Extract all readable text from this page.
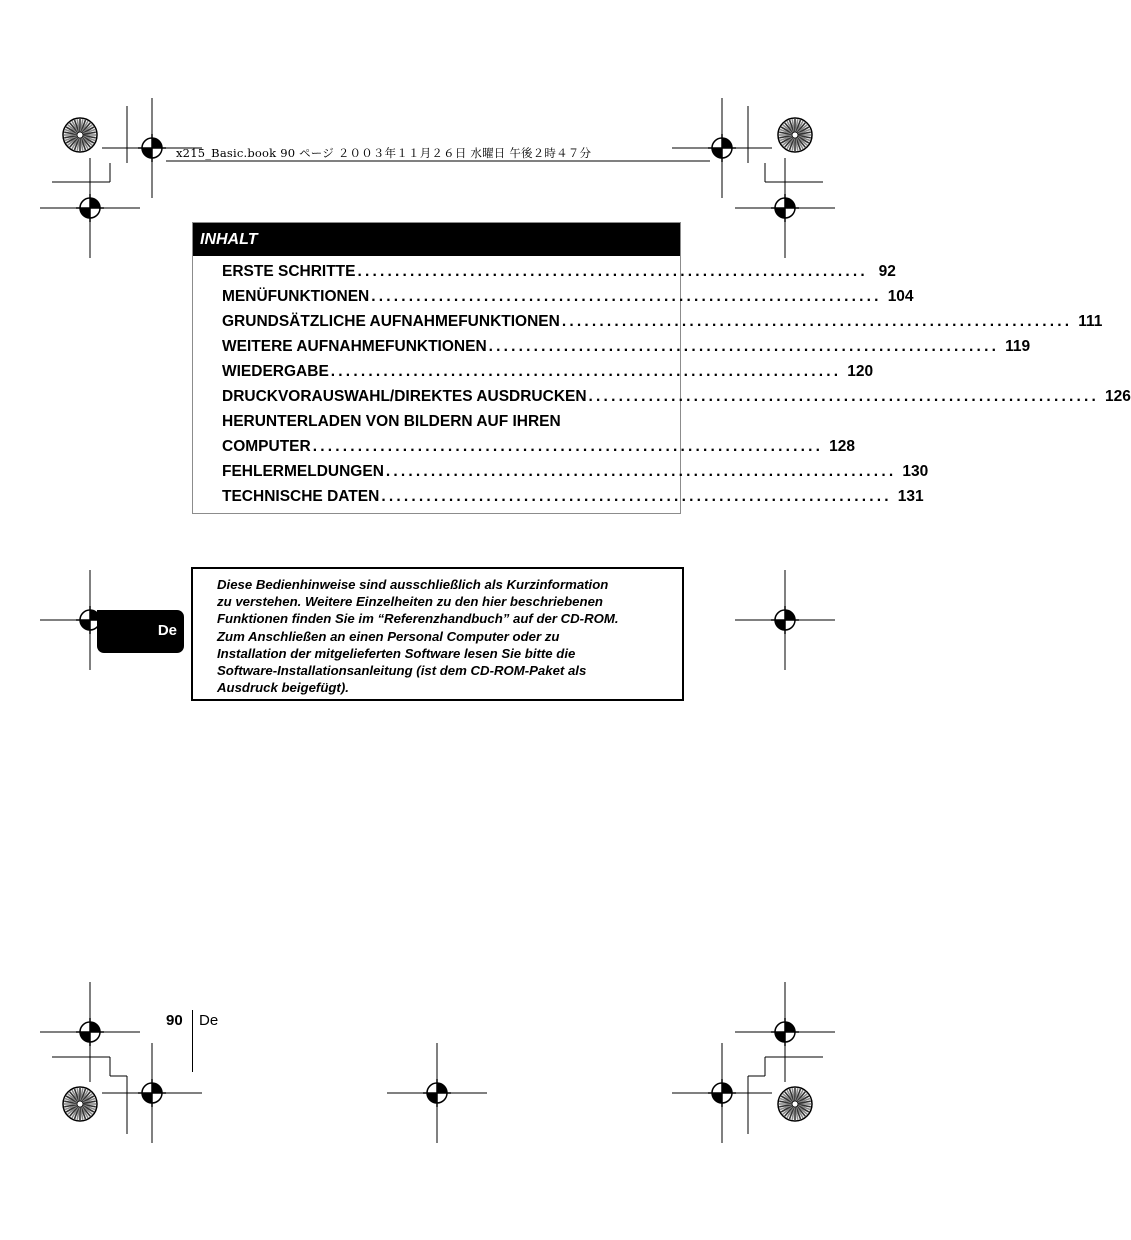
x215_Basic.book 90 ページ ２００３年１１月２６日 水曜日 午後２時４７分
INHALT
ERSTE SCHRITTE .................................................................... 92
MENÜFUNKTIONEN .................................................................... 104
GRUNDSÄTZLICHE AUFNAHMEFUNKTIONEN .................................................................... 111
WEITERE AUFNAHMEFUNKTIONEN .................................................................... 119
WIEDERGABE .................................................................... 120
DRUCKVORAUSWAHL/DIREKTES AUSDRUCKEN .................................................................... 126
HERUNTERLADEN VON BILDERN AUF IHREN
COMPUTER .................................................................... 128
FEHLERMELDUNGEN .................................................................... 130
TECHNISCHE DATEN .................................................................... 131
De
Diese Bedienhinweise sind ausschließlich als Kurzinformation
zu verstehen. Weitere Einzelheiten zu den hier beschriebenen
Funktionen finden Sie im “Referenzhandbuch” auf der CD-ROM.
Zum Anschließen an einen Personal Computer oder zu
Installation der mitgelieferten Software lesen Sie bitte die
Software-Installationsanleitung (ist dem CD-ROM-Paket als
Ausdruck beigefügt).
90 De
